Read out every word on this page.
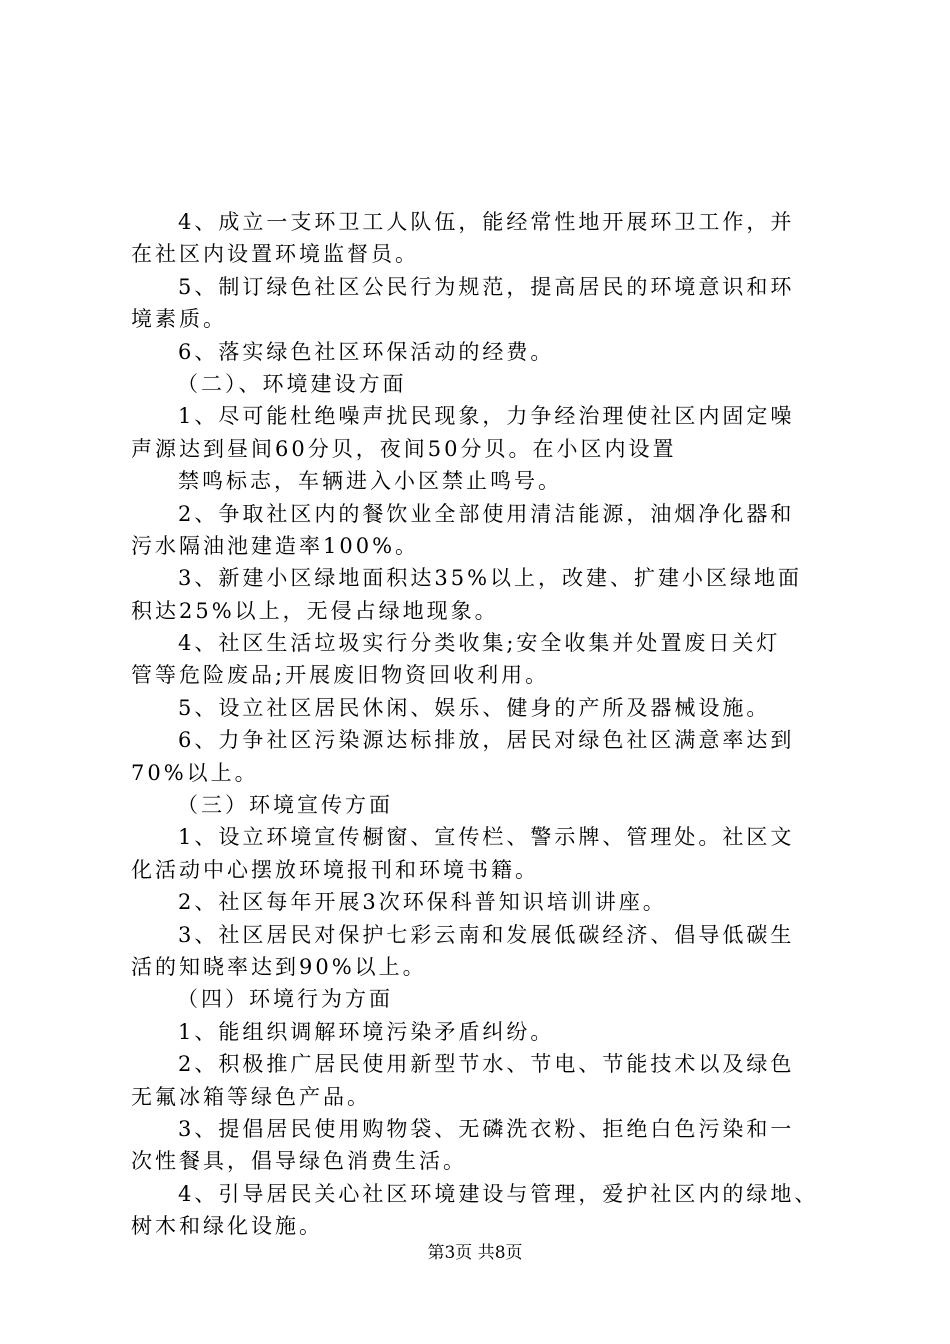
4、成立一支环卫工人队伍，能经常性地开展环卫工作，并
在社区内设置环境监督员。
5、制订绿色社区公民行为规范，提高居民的环境意识和环
境素质。
6、落实绿色社区环保活动的经费。
（二）、环境建设方面
1、尽可能杜绝噪声扰民现象，力争经治理使社区内固定噪
声源达到昼间60分贝，夜间50分贝。在小区内设置
禁鸣标志，车辆进入小区禁止鸣号。
2、争取社区内的餐饮业全部使用清洁能源，油烟净化器和
污水隔油池建造率100%。
3、新建小区绿地面积达35%以上，改建、扩建小区绿地面
积达25%以上，无侵占绿地现象。
4、社区生活垃圾实行分类收集;安全收集并处置废日关灯
管等危险废品;开展废旧物资回收利用。
5、设立社区居民休闲、娱乐、健身的产所及器械设施。
6、力争社区污染源达标排放，居民对绿色社区满意率达到
70%以上。
（三）环境宣传方面
1、设立环境宣传橱窗、宣传栏、警示牌、管理处。社区文
化活动中心摆放环境报刊和环境书籍。
2、社区每年开展3次环保科普知识培训讲座。
3、社区居民对保护七彩云南和发展低碳经济、倡导低碳生
活的知晓率达到90%以上。
（四）环境行为方面
1、能组织调解环境污染矛盾纠纷。
2、积极推广居民使用新型节水、节电、节能技术以及绿色
无氟冰箱等绿色产品。
3、提倡居民使用购物袋、无磷洗衣粉、拒绝白色污染和一
次性餐具，倡导绿色消费生活。
4、引导居民关心社区环境建设与管理，爱护社区内的绿地、
树木和绿化设施。
第3页 共8页
